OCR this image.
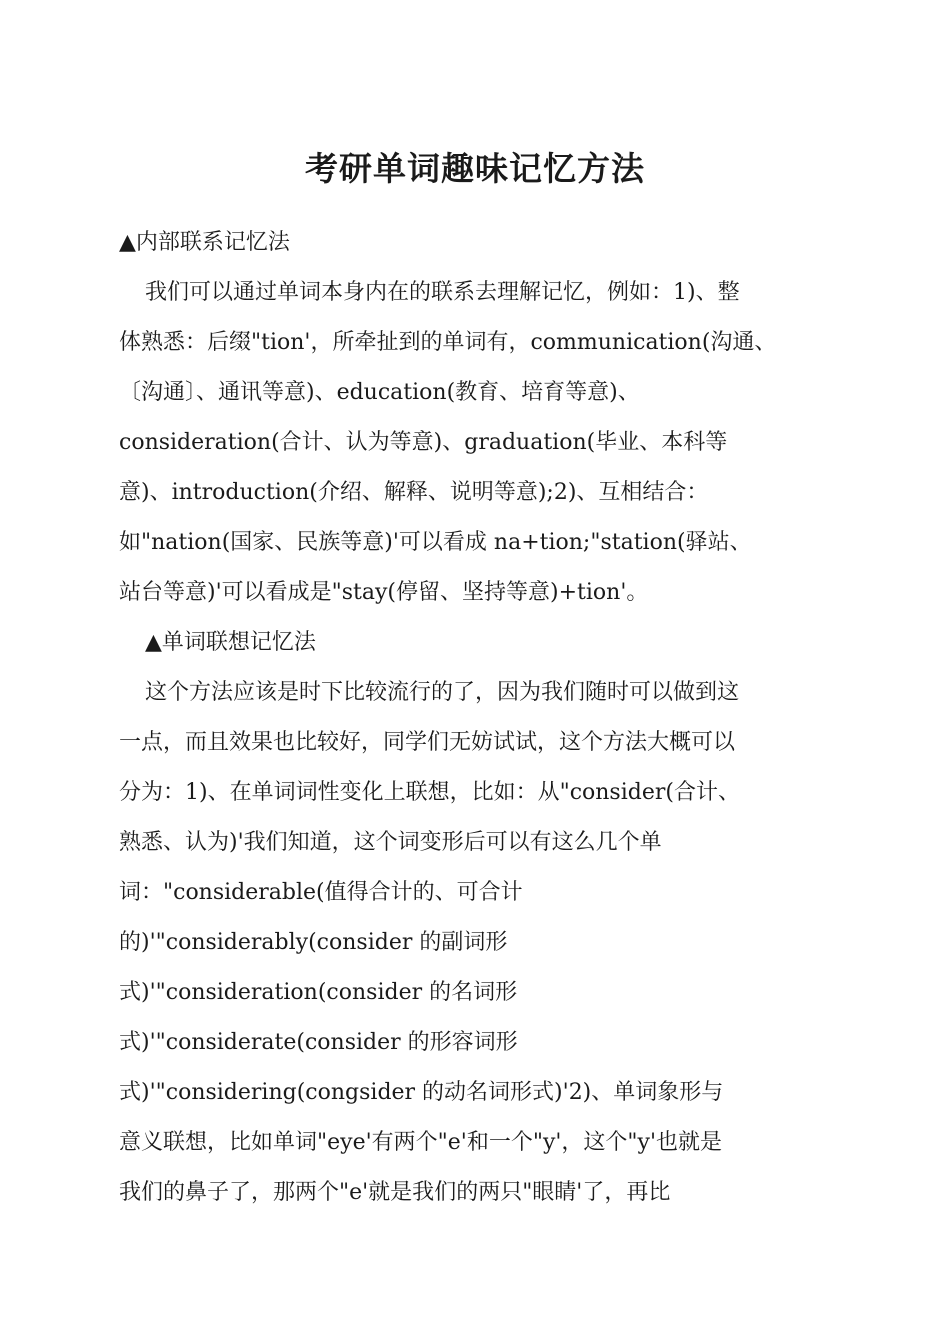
考研单词趣味记忆方法

▲内部联系记忆法

我们可以通过单词本身内在的联系去理解记忆，例如：1)、整

体熟悉：后缀"tion'，所牵扯到的单词有，communication(沟通、

〔沟通〕、通讯等意)、education(教育、培育等意)、

consideration(合计、认为等意)、graduation(毕业、本科等

意)、introduction(介绍、解释、说明等意);2)、互相结合：

如"nation(国家、民族等意)'可以看成 na+tion;"station(驿站、

站台等意)'可以看成是"stay(停留、坚持等意)+tion'。

▲单词联想记忆法

这个方法应该是时下比较流行的了，因为我们随时可以做到这

一点，而且效果也比较好，同学们无妨试试，这个方法大概可以

分为：1)、在单词词性变化上联想，比如：从"consider(合计、

熟悉、认为)'我们知道，这个词变形后可以有这么几个单

词："considerable(值得合计的、可合计

的)'"considerably(consider 的副词形

式)'"consideration(consider 的名词形

式)'"considerate(consider 的形容词形

式)'"considering(congsider 的动名词形式)'2)、单词象形与

意义联想，比如单词"eye'有两个"e'和一个"y'，这个"y'也就是

我们的鼻子了，那两个"e'就是我们的两只"眼睛'了，再比
